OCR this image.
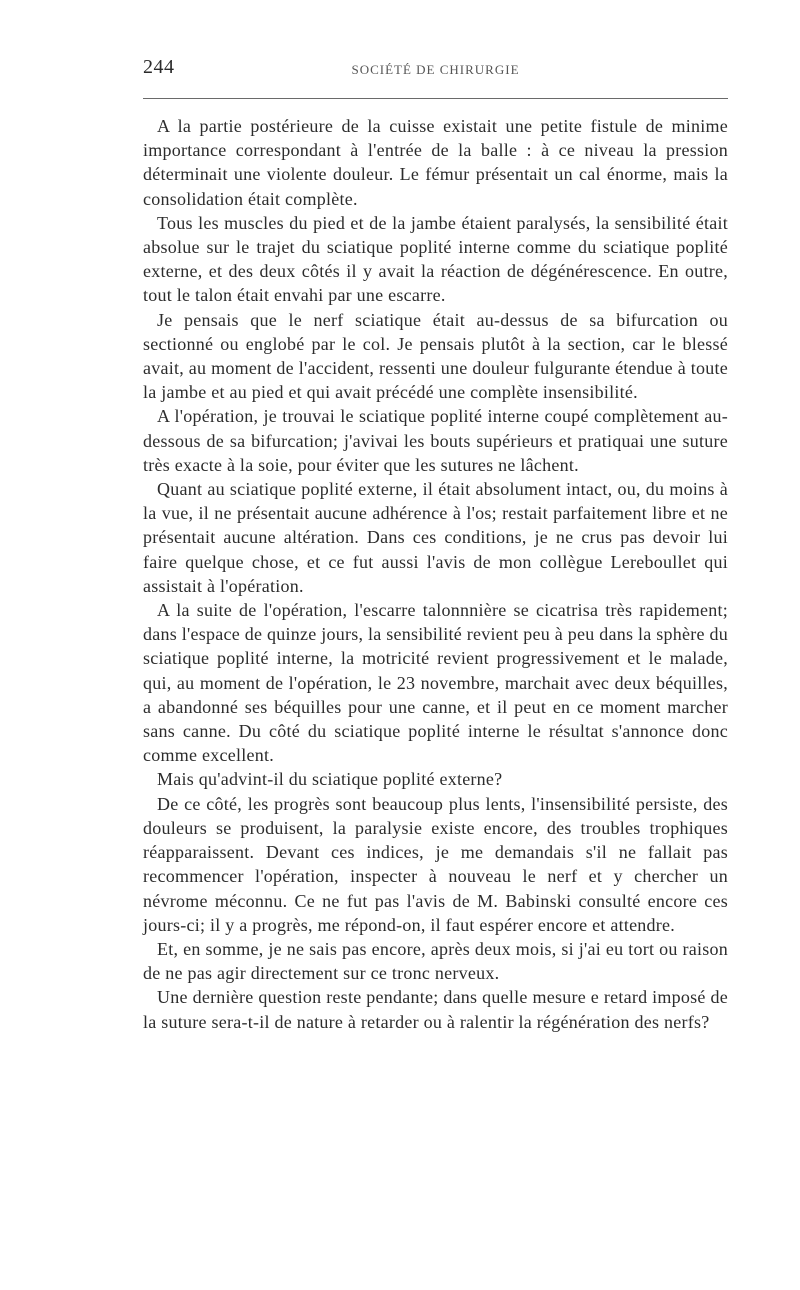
244	SOCIÉTÉ DE CHIRURGIE

A la partie postérieure de la cuisse existait une petite fistule de minime importance correspondant à l'entrée de la balle : à ce niveau la pression déterminait une violente douleur. Le fémur présentait un cal énorme, mais la consolidation était complète.

Tous les muscles du pied et de la jambe étaient paralysés, la sensibilité était absolue sur le trajet du sciatique poplité interne comme du sciatique poplité externe, et des deux côtés il y avait la réaction de dégénérescence. En outre, tout le talon était envahi par une escarre.

Je pensais que le nerf sciatique était au-dessus de sa bifurcation ou sectionné ou englobé par le col. Je pensais plutôt à la section, car le blessé avait, au moment de l'accident, ressenti une douleur fulgurante étendue à toute la jambe et au pied et qui avait précédé une complète insensibilité.

A l'opération, je trouvai le sciatique poplité interne coupé complètement au-dessous de sa bifurcation; j'avivai les bouts supérieurs et pratiquai une suture très exacte à la soie, pour éviter que les sutures ne lâchent.

Quant au sciatique poplité externe, il était absolument intact, ou, du moins à la vue, il ne présentait aucune adhérence à l'os; restait parfaitement libre et ne présentait aucune altération. Dans ces conditions, je ne crus pas devoir lui faire quelque chose, et ce fut aussi l'avis de mon collègue Lereboullet qui assistait à l'opération.

A la suite de l'opération, l'escarre talonnnière se cicatrisa très rapidement; dans l'espace de quinze jours, la sensibilité revient peu à peu dans la sphère du sciatique poplité interne, la motricité revient progressivement et le malade, qui, au moment de l'opération, le 23 novembre, marchait avec deux béquilles, a abandonné ses béquilles pour une canne, et il peut en ce moment marcher sans canne. Du côté du sciatique poplité interne le résultat s'annonce donc comme excellent.

Mais qu'advint-il du sciatique poplité externe?

De ce côté, les progrès sont beaucoup plus lents, l'insensibilité persiste, des douleurs se produisent, la paralysie existe encore, des troubles trophiques réapparaissent. Devant ces indices, je me demandais s'il ne fallait pas recommencer l'opération, inspecter à nouveau le nerf et y chercher un névrome méconnu. Ce ne fut pas l'avis de M. Babinski consulté encore ces jours-ci; il y a progrès, me répond-on, il faut espérer encore et attendre.

Et, en somme, je ne sais pas encore, après deux mois, si j'ai eu tort ou raison de ne pas agir directement sur ce tronc nerveux.

Une dernière question reste pendante; dans quelle mesure e retard imposé de la suture sera-t-il de nature à retarder ou à ralentir la régénération des nerfs?
